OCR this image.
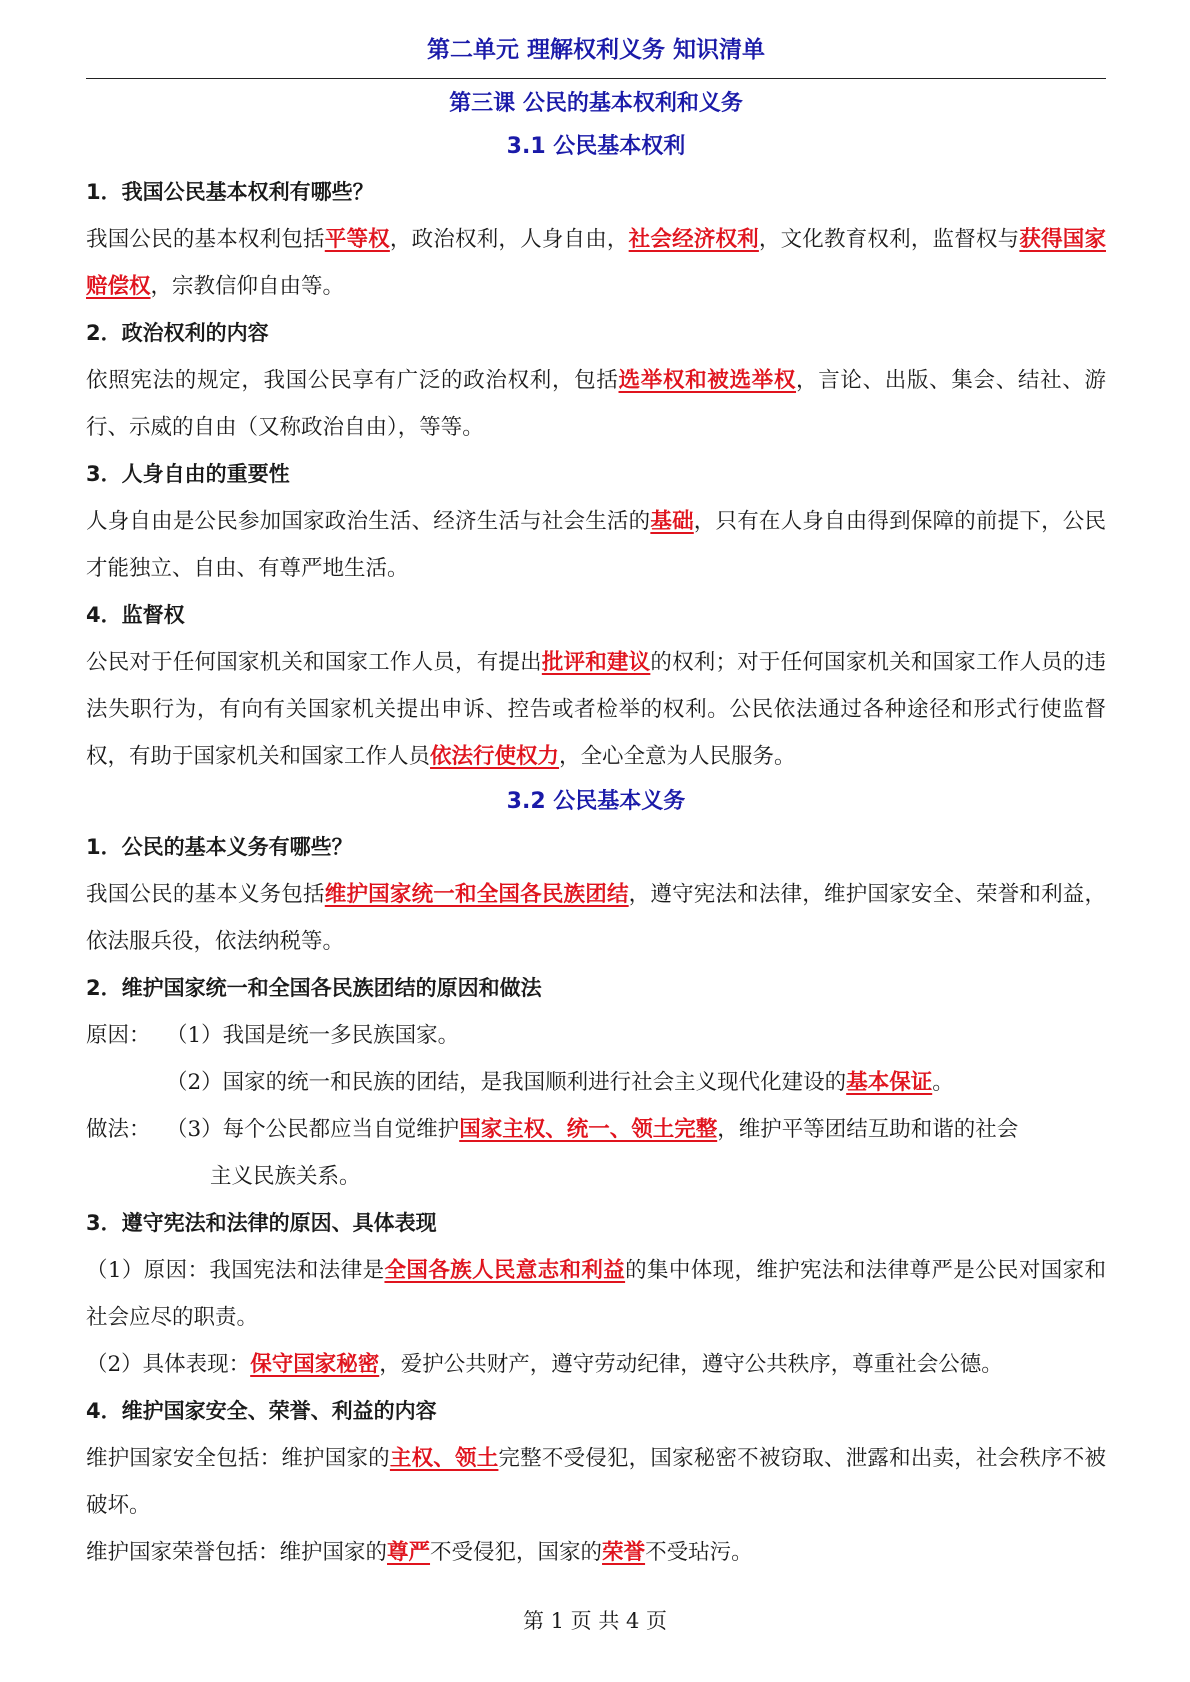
第二单元 理解权利义务 知识清单
第三课 公民的基本权利和义务
3.1 公民基本权利
1．我国公民基本权利有哪些？
我国公民的基本权利包括平等权，政治权利，人身自由，社会经济权利，文化教育权利，监督权与获得国家赔偿权，宗教信仰自由等。
2．政治权利的内容
依照宪法的规定，我国公民享有广泛的政治权利，包括选举权和被选举权，言论、出版、集会、结社、游行、示威的自由（又称政治自由），等等。
3．人身自由的重要性
人身自由是公民参加国家政治生活、经济生活与社会生活的基础，只有在人身自由得到保障的前提下，公民才能独立、自由、有尊严地生活。
4．监督权
公民对于任何国家机关和国家工作人员，有提出批评和建议的权利；对于任何国家机关和国家工作人员的违法失职行为，有向有关国家机关提出申诉、控告或者检举的权利。公民依法通过各种途径和形式行使监督权，有助于国家机关和国家工作人员依法行使权力，全心全意为人民服务。
3.2 公民基本义务
1．公民的基本义务有哪些？
我国公民的基本义务包括维护国家统一和全国各民族团结，遵守宪法和法律，维护国家安全、荣誉和利益，依法服兵役，依法纳税等。
2．维护国家统一和全国各民族团结的原因和做法
原因： （1）我国是统一多民族国家。
（2）国家的统一和民族的团结，是我国顺利进行社会主义现代化建设的基本保证。
做法： （3）每个公民都应当自觉维护国家主权、统一、领土完整，维护平等团结互助和谐的社会
主义民族关系。
3．遵守宪法和法律的原因、具体表现
（1）原因：我国宪法和法律是全国各族人民意志和利益的集中体现，维护宪法和法律尊严是公民对国家和社会应尽的职责。
（2）具体表现：保守国家秘密，爱护公共财产，遵守劳动纪律，遵守公共秩序，尊重社会公德。
4．维护国家安全、荣誉、利益的内容
维护国家安全包括：维护国家的主权、领土完整不受侵犯，国家秘密不被窃取、泄露和出卖，社会秩序不被破坏。
维护国家荣誉包括：维护国家的尊严不受侵犯，国家的荣誉不受玷污。
第 1 页 共 4 页
